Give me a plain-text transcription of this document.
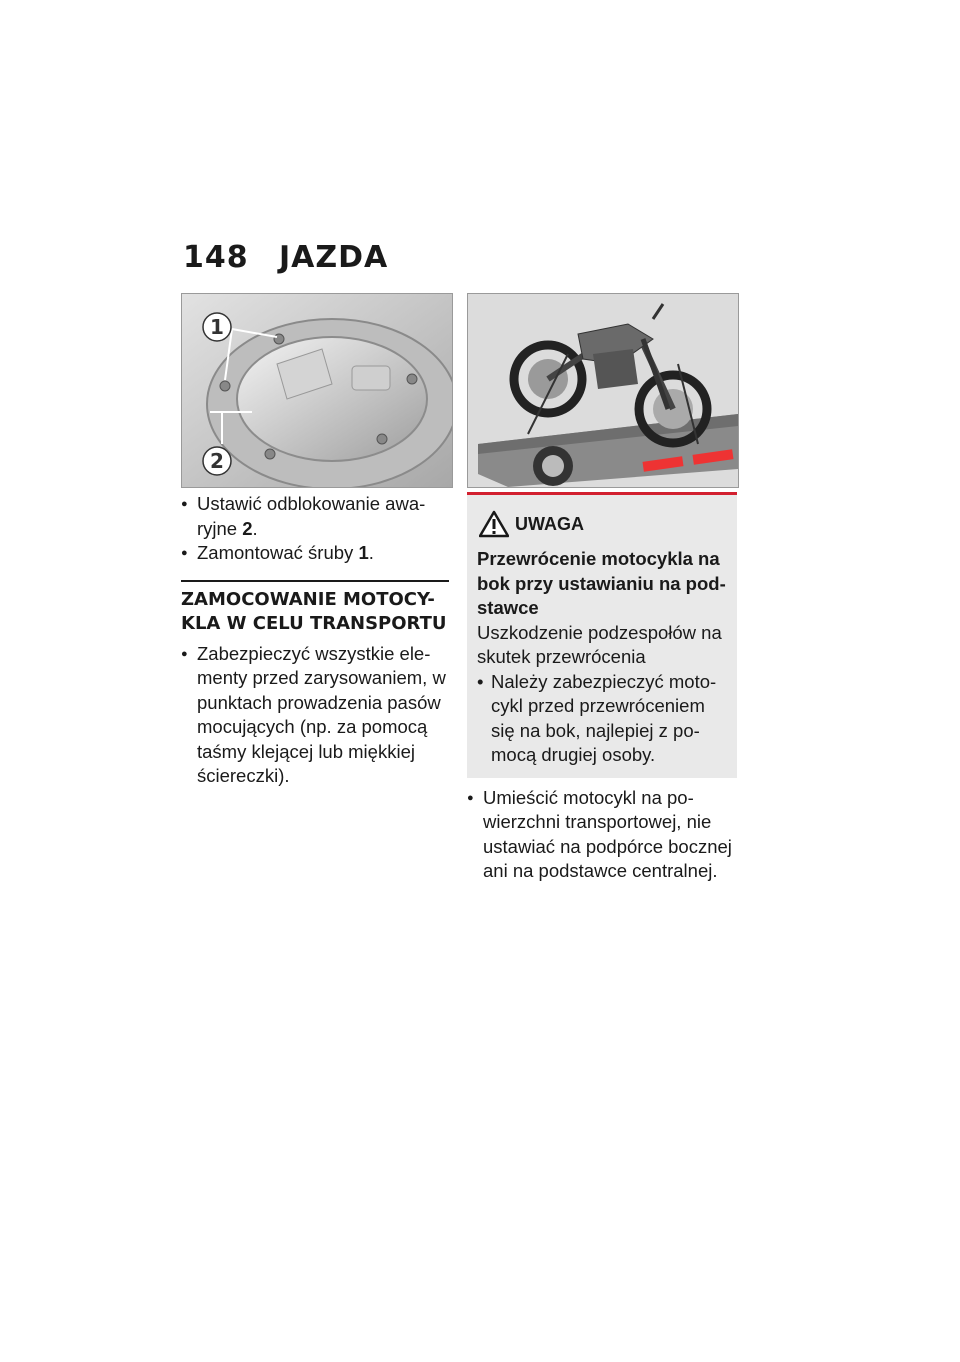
148 JAZDA
1
2

● Ustawić odblokowanie awa-ryjne 2.

● Zamontować śruby 1.

ZAMOCOWANIE MOTOCY-KLA W CELU TRANSPORTU

● Zabezpieczyć wszystkie ele-menty przed zarysowaniem, w punktach prowadzenia pasów mocujących (np. za pomocą taśmy klejącej lub miękkiej ściereczki).

UWAGA
Przewrócenie motocykla na bok przy ustawianiu na pod-stawce
Uszkodzenie podzespołów na skutek przewrócenia
• Należy zabezpieczyć moto-cykl przed przewróceniem się na bok, najlepiej z po-mocą drugiej osoby.

● Umieścić motocykl na po-wierzchni transportowej, nie ustawiać na podpórce bocznej ani na podstawce centralnej.
